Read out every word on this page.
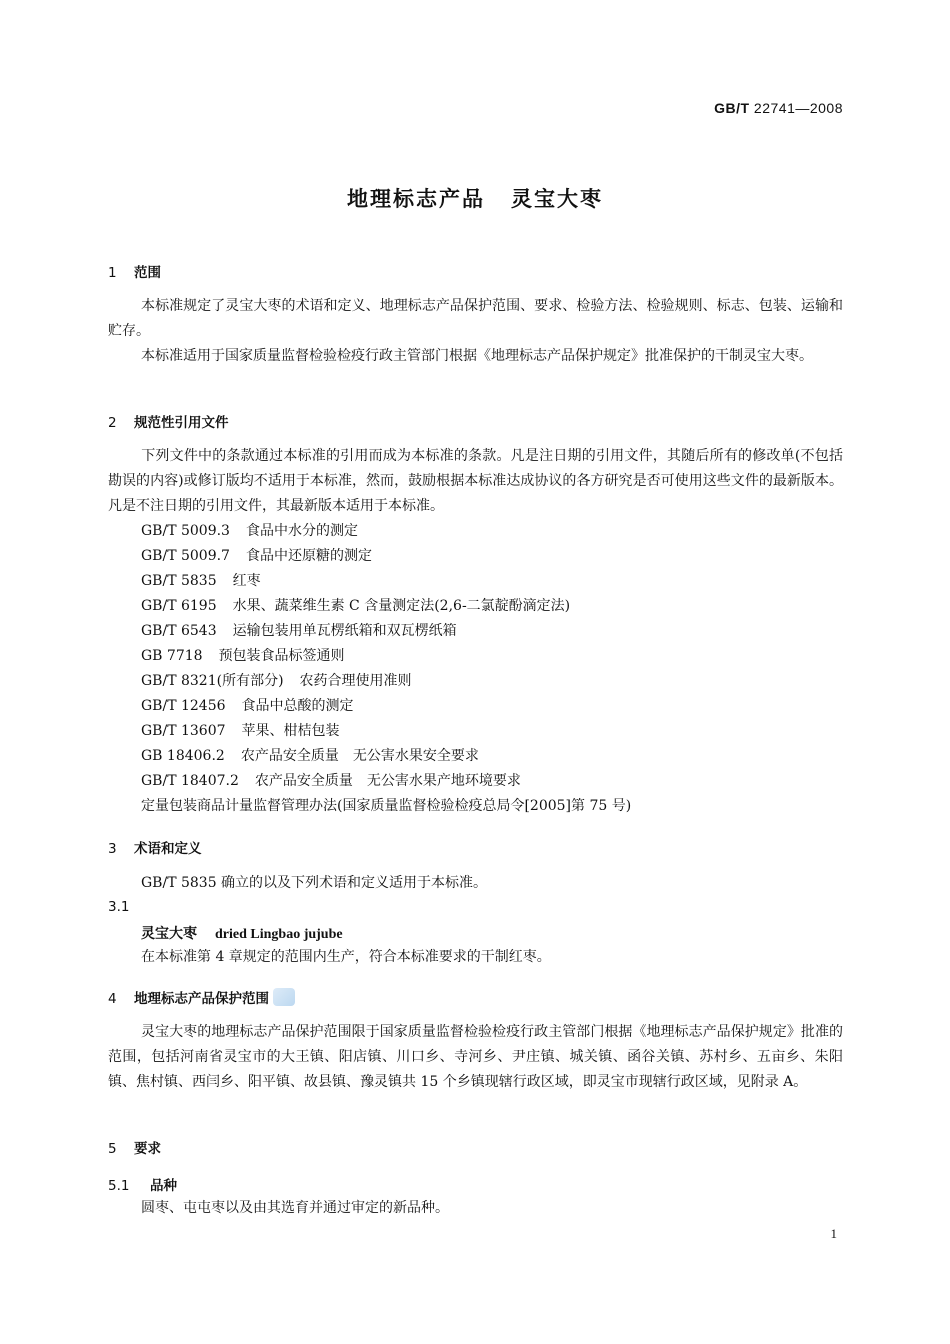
GB/T 22741—2008
地理标志产品 灵宝大枣
1 范围
本标准规定了灵宝大枣的术语和定义、地理标志产品保护范围、要求、检验方法、检验规则、标志、包装、运输和贮存。
本标准适用于国家质量监督检验检疫行政主管部门根据《地理标志产品保护规定》批准保护的干制灵宝大枣。
2 规范性引用文件
下列文件中的条款通过本标准的引用而成为本标准的条款。凡是注日期的引用文件，其随后所有的修改单(不包括勘误的内容)或修订版均不适用于本标准，然而，鼓励根据本标准达成协议的各方研究是否可使用这些文件的最新版本。凡是不注日期的引用文件，其最新版本适用于本标准。
GB/T 5009.3 食品中水分的测定
GB/T 5009.7 食品中还原糖的测定
GB/T 5835 红枣
GB/T 6195 水果、蔬菜维生素 C 含量测定法(2,6-二氯靛酚滴定法)
GB/T 6543 运输包装用单瓦楞纸箱和双瓦楞纸箱
GB 7718 预包装食品标签通则
GB/T 8321(所有部分) 农药合理使用准则
GB/T 12456 食品中总酸的测定
GB/T 13607 苹果、柑桔包装
GB 18406.2 农产品安全质量　无公害水果安全要求
GB/T 18407.2 农产品安全质量　无公害水果产地环境要求
定量包装商品计量监督管理办法(国家质量监督检验检疫总局令[2005]第 75 号)
3 术语和定义
GB/T 5835 确立的以及下列术语和定义适用于本标准。
3.1
灵宝大枣 dried Lingbao jujube
在本标准第 4 章规定的范围内生产，符合本标准要求的干制红枣。
4 地理标志产品保护范围
灵宝大枣的地理标志产品保护范围限于国家质量监督检验检疫行政主管部门根据《地理标志产品保护规定》批准的范围，包括河南省灵宝市的大王镇、阳店镇、川口乡、寺河乡、尹庄镇、城关镇、函谷关镇、苏村乡、五亩乡、朱阳镇、焦村镇、西闫乡、阳平镇、故县镇、豫灵镇共 15 个乡镇现辖行政区域，即灵宝市现辖行政区域，见附录 A。
5 要求
5.1 品种
圆枣、屯屯枣以及由其选育并通过审定的新品种。
1
